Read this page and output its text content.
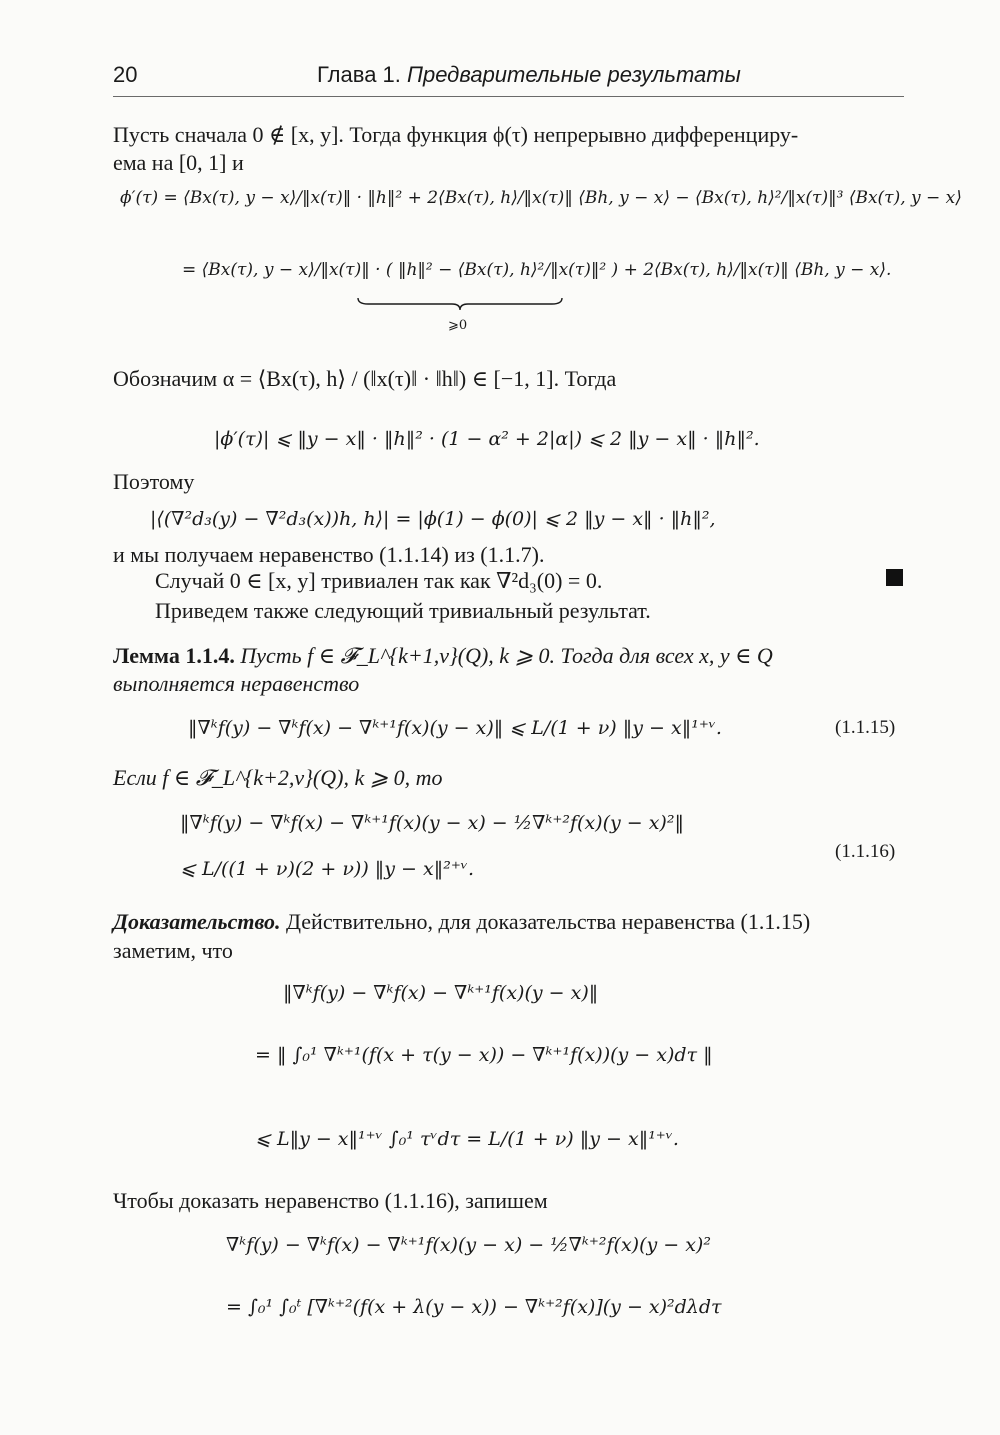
20	Глава 1. Предварительные результаты
Пусть сначала 0 ∉ [x, y]. Тогда функция ϕ(τ) непрерывно дифференциру-
ема на [0, 1] и
ϕ′(τ) = ⟨Bx(τ), y − x⟩/‖x(τ)‖ · ‖h‖² + 2⟨Bx(τ), h⟩/‖x(τ)‖ ⟨Bh, y − x⟩ − ⟨Bx(τ), h⟩²/‖x(τ)‖³ ⟨Bx(τ), y − x⟩
= ⟨Bx(τ), y − x⟩/‖x(τ)‖ · ( ‖h‖² − ⟨Bx(τ), h⟩²/‖x(τ)‖² ) + 2⟨Bx(τ), h⟩/‖x(τ)‖ ⟨Bh, y − x⟩.
⩾0
Обозначим α = ⟨Bx(τ), h⟩ / (‖x(τ)‖ · ‖h‖) ∈ [−1, 1]. Тогда
|ϕ′(τ)| ⩽ ‖y − x‖ · ‖h‖² · (1 − α² + 2|α|) ⩽ 2 ‖y − x‖ · ‖h‖².
Поэтому
|⟨(∇²d₃(y) − ∇²d₃(x))h, h⟩| = |ϕ(1) − ϕ(0)| ⩽ 2 ‖y − x‖ · ‖h‖²,
и мы получаем неравенство (1.1.14) из (1.1.7).
Случай 0 ∈ [x, y] тривиален так как ∇²d₃(0) = 0.
Приведем также следующий тривиальный результат.
Лемма 1.1.4. Пусть f ∈ 𝓕_L^{k+1,ν}(Q), k ⩾ 0. Тогда для всех x, y ∈ Q
выполняется неравенство
‖∇ᵏf(y) − ∇ᵏf(x) − ∇ᵏ⁺¹f(x)(y − x)‖ ⩽ L/(1 + ν) ‖y − x‖¹⁺ᵛ.	(1.1.15)
Если f ∈ 𝓕_L^{k+2,ν}(Q), k ⩾ 0, то
‖∇ᵏf(y) − ∇ᵏf(x) − ∇ᵏ⁺¹f(x)(y − x) − ½∇ᵏ⁺²f(x)(y − x)²‖
⩽ L/((1 + ν)(2 + ν)) ‖y − x‖²⁺ᵛ.
(1.1.16)
Доказательство. Действительно, для доказательства неравенства (1.1.15)
заметим, что
‖∇ᵏf(y) − ∇ᵏf(x) − ∇ᵏ⁺¹f(x)(y − x)‖
= ‖ ∫₀¹ ∇ᵏ⁺¹(f(x + τ(y − x)) − ∇ᵏ⁺¹f(x))(y − x)dτ ‖
⩽ L‖y − x‖¹⁺ᵛ ∫₀¹ τᵛdτ = L/(1 + ν) ‖y − x‖¹⁺ᵛ.
Чтобы доказать неравенство (1.1.16), запишем
∇ᵏf(y) − ∇ᵏf(x) − ∇ᵏ⁺¹f(x)(y − x) − ½∇ᵏ⁺²f(x)(y − x)²
= ∫₀¹ ∫₀ᵗ [∇ᵏ⁺²(f(x + λ(y − x)) − ∇ᵏ⁺²f(x)](y − x)²dλdτ
